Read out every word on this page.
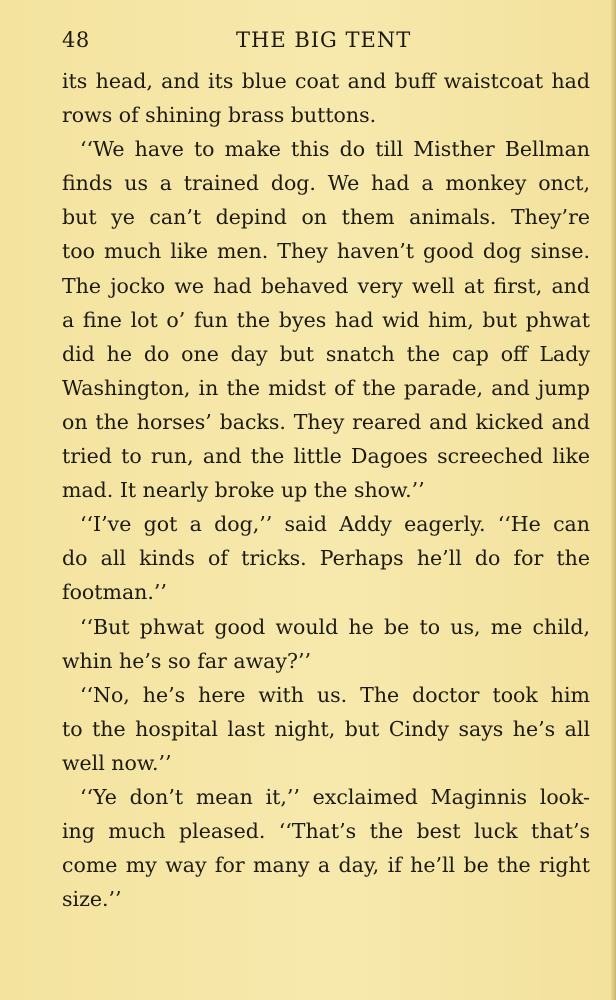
48	THE BIG TENT
its head, and its blue coat and buff waistcoat had
rows of shining brass buttons.
‘‘We have to make this do till Misther Bellman
finds us a trained dog. We had a monkey onct,
but ye can’t depind on them animals. They’re
too much like men. They haven’t good dog sinse.
The jocko we had behaved very well at first, and
a fine lot o’ fun the byes had wid him, but phwat
did he do one day but snatch the cap off Lady
Washington, in the midst of the parade, and jump
on the horses’ backs. They reared and kicked and
tried to run, and the little Dagoes screeched like
mad. It nearly broke up the show.’’
‘‘I’ve got a dog,’’ said Addy eagerly. ‘‘He can
do all kinds of tricks. Perhaps he’ll do for the
footman.’’
‘‘But phwat good would he be to us, me child,
whin he’s so far away?’’
‘‘No, he’s here with us. The doctor took him
to the hospital last night, but Cindy says he’s all
well now.’’
‘‘Ye don’t mean it,’’ exclaimed Maginnis look-
ing much pleased. ‘‘That’s the best luck that’s
come my way for many a day, if he’ll be the right
size.’’
